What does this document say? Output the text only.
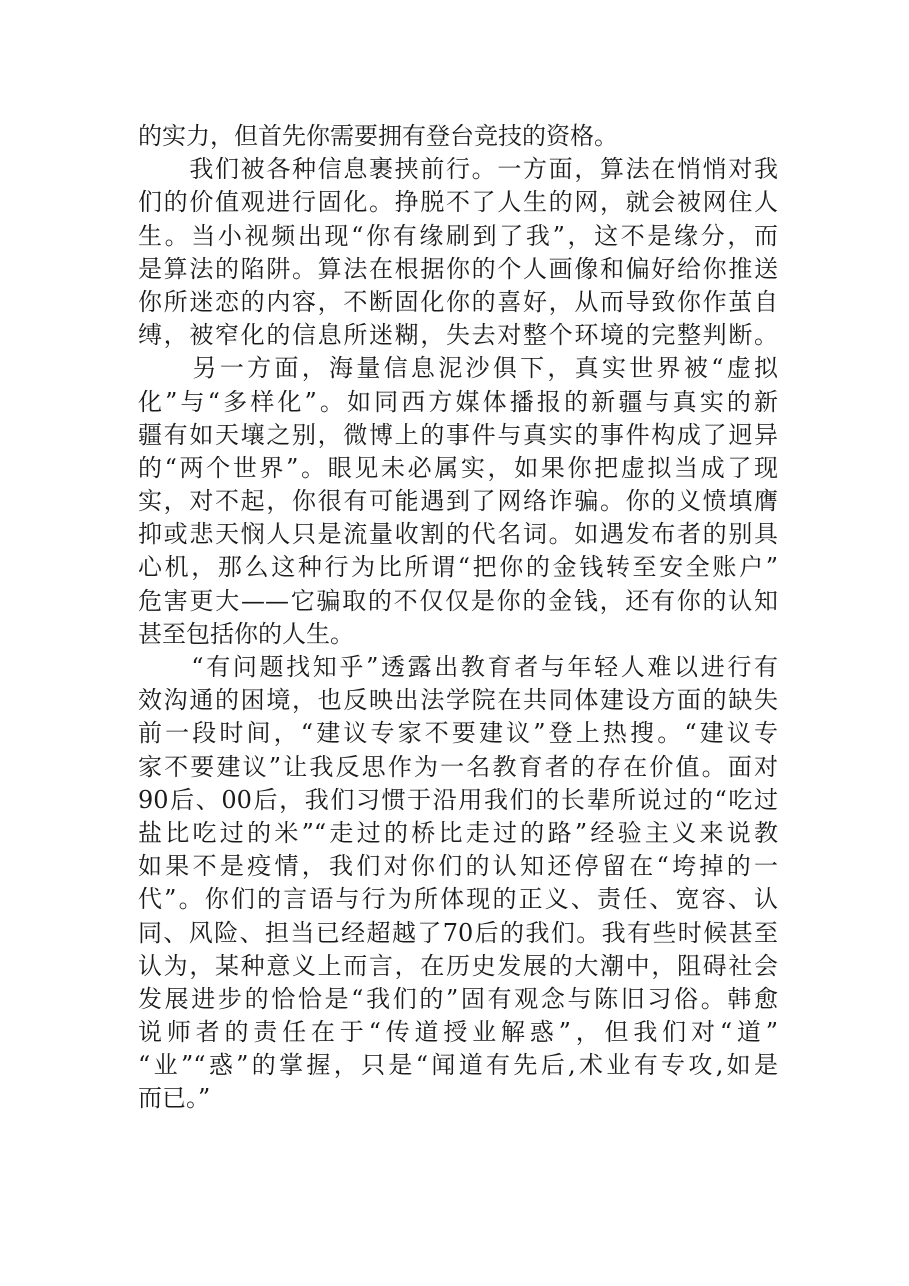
的实力，但首先你需要拥有登台竞技的资格。
　　我们被各种信息裹挟前行。一方面，算法在悄悄对我
们的价值观进行固化。挣脱不了人生的网，就会被网住人
生。当小视频出现“你有缘刷到了我”，这不是缘分，而
是算法的陷阱。算法在根据你的个人画像和偏好给你推送
你所迷恋的内容，不断固化你的喜好，从而导致你作茧自
缚，被窄化的信息所迷糊，失去对整个环境的完整判断。
　　另一方面，海量信息泥沙俱下，真实世界被“虚拟
化”与“多样化”。如同西方媒体播报的新疆与真实的新
疆有如天壤之别，微博上的事件与真实的事件构成了迥异
的“两个世界”。眼见未必属实，如果你把虚拟当成了现
实，对不起，你很有可能遇到了网络诈骗。你的义愤填膺
抑或悲天悯人只是流量收割的代名词。如遇发布者的别具
心机，那么这种行为比所谓“把你的金钱转至安全账户”
危害更大——它骗取的不仅仅是你的金钱，还有你的认知
甚至包括你的人生。
　　“有问题找知乎”透露出教育者与年轻人难以进行有
效沟通的困境，也反映出法学院在共同体建设方面的缺失
前一段时间，“建议专家不要建议”登上热搜。“建议专
家不要建议”让我反思作为一名教育者的存在价值。面对
90后、00后，我们习惯于沿用我们的长辈所说过的“吃过
盐比吃过的米”“走过的桥比走过的路”经验主义来说教
如果不是疫情，我们对你们的认知还停留在“垮掉的一
代”。你们的言语与行为所体现的正义、责任、宽容、认
同、风险、担当已经超越了70后的我们。我有些时候甚至
认为，某种意义上而言，在历史发展的大潮中，阻碍社会
发展进步的恰恰是“我们的”固有观念与陈旧习俗。韩愈
说师者的责任在于“传道授业解惑”，但我们对“道”
“业”“惑”的掌握，只是“闻道有先后,术业有专攻,如是
而已。”
